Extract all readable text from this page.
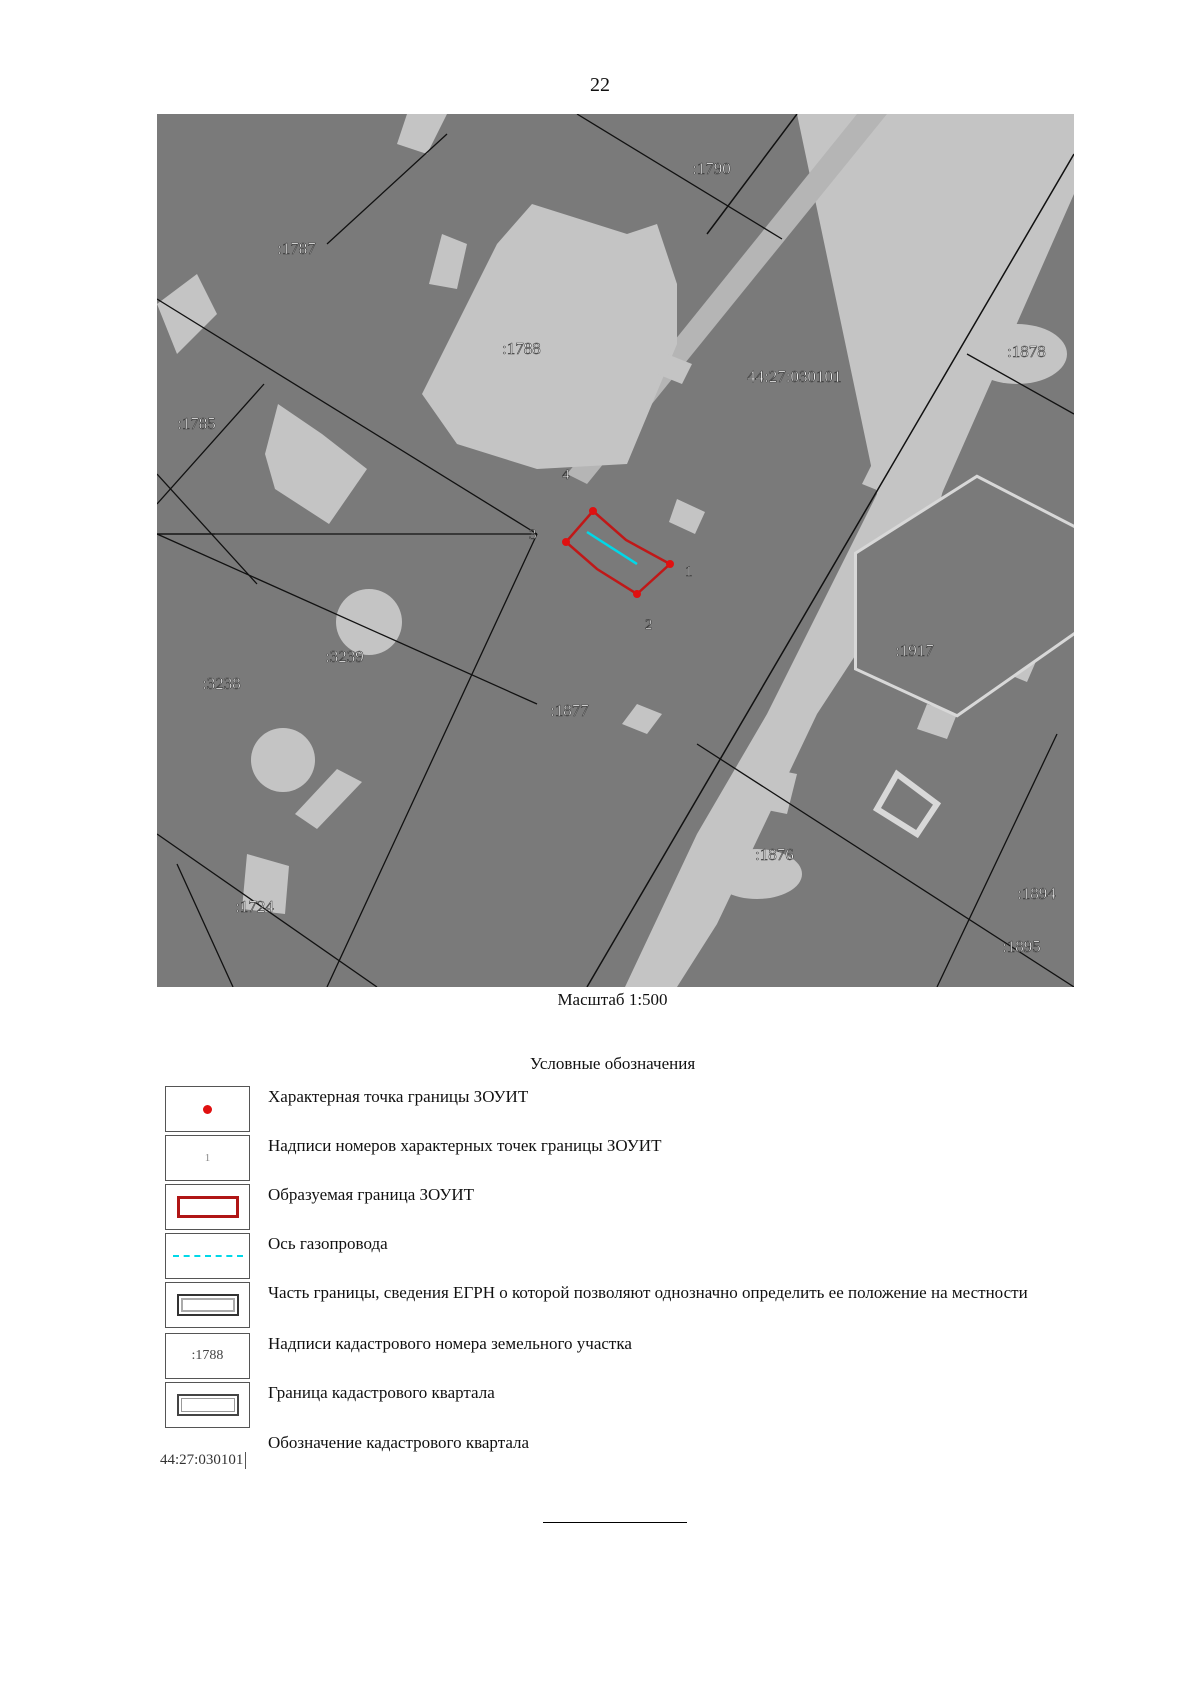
22
:1790
:1787
:1788	:1878
:1785
:3239
:3238
:1917
:1877
:1876
:1894
:1895
:1724
44:27:030101
1
2
3
4
Масштаб 1:500
Условные обозначения
Характерная точка границы ЗОУИТ
1
Надписи номеров характерных точек границы ЗОУИТ
Образуемая граница ЗОУИТ
Ось газопровода
Часть границы, сведения ЕГРН о которой позволяют однозначно определить ее положение на местности
:1788
Надписи кадастрового номера земельного участка
Граница кадастрового квартала
44:27:030101
Обозначение кадастрового квартала
